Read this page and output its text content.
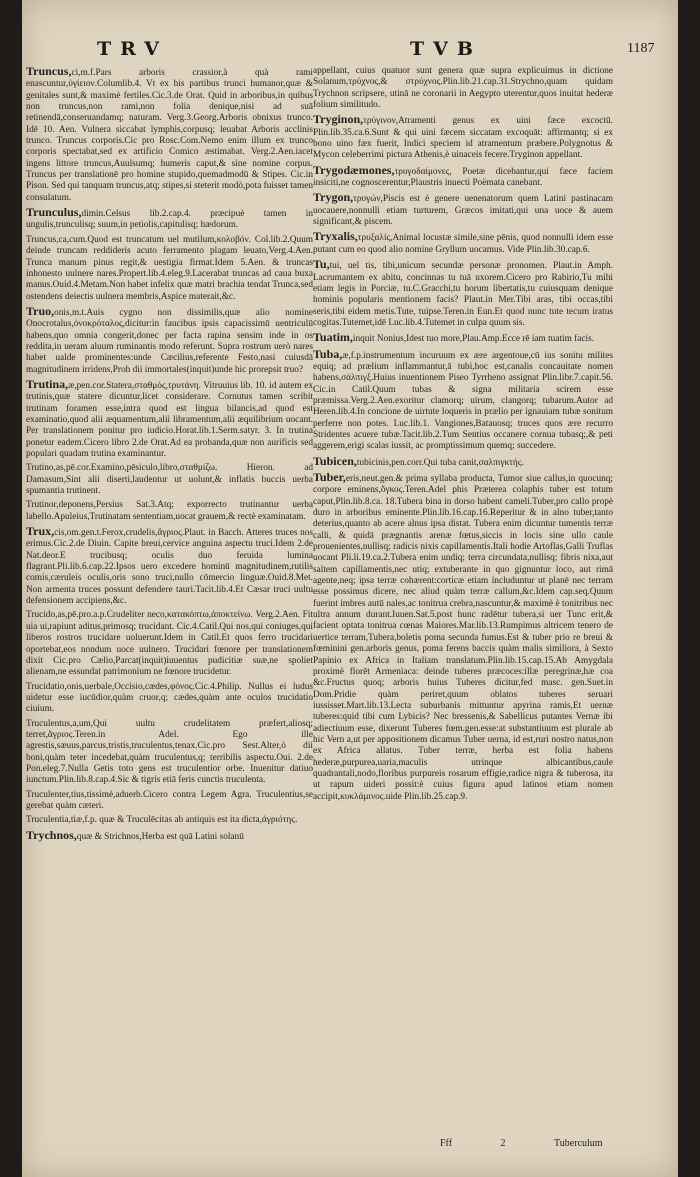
TRV	TVB	1187

Truncus,ci,m.f.Pars arboris crassior,à quà rami enascuntur,ὑγίειον.Columlib.4. Vt ex his partibus trunci humanor,quæ & genitales sunt,& maximè fertiles.Cic.3.de Orat. Quid in arboribus,in quibus non truncus,non rami,non folia denique,nisi ad suā retinendā,conseruandamq; naturam. Verg.3.Georg.Arboris obnixus trunco. Idē 10. Aen. Vulnera siccabat lymphis,corpusq; leuabat Arboris acclinis trunco. Truncus corporis.Cic pro Rosc.Com.Nemo enim illum ex trunco corporis spectabat,sed ex artificio Comico æstimabat. Verg.2.Aen.iacet ingens littore truncus,Auulsumq; humeris caput,& sine nomine corpus. Truncus per translationē pro homine stupido,quemadmodū & Stipes. Cic.in Pison. Sed qui tanquam truncus,atq; stipes,si steterit modò,pota fuisset tamen consulatum.

Trunculus,dimin.Celsus lib.2.cap.4. præcipuè tamen in ungulis,trunculisq; suum,in petiolis,capitulisq; hædorum.

Truncus,ca,cum.Quod est truncatum uel mutilum,κολοβόν. Col.lib.2.Quum deinde truncam reddideris acuto ferramento plagam leuato,Verg.4.Aen. Trunca manum pinus regit,& uestigia firmat.Idem 5.Aen. & truncas inhonesto uulnere nares.Propert.lib.4.eleg.9.Lacerabat truncas ad caua buxa manus.Ouid.4.Metam.Non habet infelix quæ matri brachia tendat Trunca,sed ostendens deiectis uulnera membris,Aspice materait,&c.

Truo,onis,m.t.Auis cygno non dissimilis,quæ alio nomine Onocrotalus,ὀνοκρόταλος,dicitur:in faucibus ipsis capacissimū uentriculū habens,quo omnia congerit,donec per facta rapina sensim inde in os reddita,in ueram aluum ruminantis modo referunt. Supra rostrum uerò nares habet ualde prominentes:unde Cæcilius,referente Festo,nasi cuiusdā magnitudinem irridens,Proh dii immortales(inquit)unde hic prorepsit truo?

Trutina,æ,pen.cor.Statera,σταθμὸς,τρυτάνη. Vitruuius lib. 10. id autem ex trutinis,quæ statere dicuntur,licet considerare. Cornutus tamen scribit trutinam foramen esse,intra quod est lingua bilancis,ad quod est examinatio,quod alii æquamentum,alii libramentum,alii æquilibrium uocant. Per translationem ponitur pro iudicio.Horat.lib.1.Serm.satyr. 3. In trutina ponetur eadem.Cicero libro 2.de Orat.Ad ea probanda,quæ non aurificis sed populari quadam trutina examinantur.

Trutino,as,pē.cor.Examino,pēsiculo,libro,σταθμίζω. Hieron. ad Damasum,Sint alii diserti,laudentur ut uolunt,& inflatis buccis uerba spumantia trutinent.

Trutinor,deponens,Persius Sat.3.Atq; exporrecto trutinantur uerba labello.Apuleius,Trutinatam sententiam,uocat grauem,& rectè examinatam.

Trux,cis,om.gen.t.Ferox,crudelis,ἄγριος.Plaut. in Bacch. Atteres truces nos erimus.Cic.2.de Diuin. Capite breui,cervice anguina aspectu truci.Idem 2.de Nat.deor.E trucibusq; oculis duo feruida lumina flagrant.Pli.lib.6.cap.22.Ipsos uero excedere hominū magnitudinem,rutilis comis,cæruleis oculis,oris sono truci,nullo cōmercio linguæ.Ouid.8.Met. Non armenta truces possunt defendere tauri.Tacit.lib.4.Et Cæsar truci uultu defensionem accipiens,&c.

Trucido,as,pē.pro.a.p.Crudeliter neco,κατακόπτω,ἀποκτείνω. Verg.2.Aen. Fit uia ui,rapiunt aditus,primosq; trucidant. Cic.4.Catil.Qui nos,qui coniuges,qui liberos rostros trucidare uoluerunt.Idem in Catil.Et quos ferro trucidari oportebat,eos nondum uoce uulnero. Trucidari fœnore per translationem dixit Cic.pro Cælio,Parcat(inquit)iuuentus pudicitiæ suæ,ne spoliet alienam,ne essundat patrimonium ne fœnore trucidetur.

Trucidatio,onis,uerbale,Occisio,cædes,φόνος.Cic.4.Philip. Nullus ei ludus uidetur esse iucūdior,quàm cruor,q; cædes,quàm ante oculos trucidatio ciuium.

Truculentus,a,um,Qui uultu crudelitatem præfert,aliosq; terret,ἄγριος.Teren.in Adel. Ego ille agrestis,sæuus,parcus,tristis,truculentus,tenax.Cic.pro Sest.Alter,ò dii boni,quàm teter incedebat,quàm truculentus,q; terribilis aspectu.Oui. 2.de Pon.eleg.7.Nulla Getis toto gens est truculentior orbe. Inuenitur datiuo iunctum.Plin.lib.8.cap.4.Sic & tigris etiā feris cunctis truculenta.

Truculenter,tius,tissimè,aduerb.Cicero contra Legem Agra. Truculentius,se gerebat quàm cæteri.

Truculentia,tiæ,f.p. quæ & Truculēcitas ab antiquis est ita dicta,ἀγριότης.

Trychnos,quæ & Strichnos,Herba est quā Latini solanū

appellant, cuius quatuor sunt genera quæ supra explicuimus in dictione Solanum,τρύχνος,& στρύχνος.Plin.lib.21.cap.31.Strychno,quam quidam Trychnon scripsere, utinā ne coronarii in Aegypto uterentur,quos inuitat hederæ folium similitudo.

Tryginon,τρύγινον,Atramenti genus ex uini fæce excoctū. Plin.lib.35.ca.6.Sunt & qui uini fæcem siccatam excoquāt: affirmantq; si ex bono uino fæx fuerit, Indici speciem id atramentum præbere.Polygnotus & Mycon celeberrimi pictura Athenis,è uinaceis fecere.Tryginon appellant.

Trygodæmones,τρυγοδαίμονες, Poetæ dicebantur,qui fæce faciem insiciti,ne cognoscerentur,Plaustris inuecti Poëmata canebant.

Trygon,τρυγών,Piscis est è genere uenenatorum quem Latini pastinacam uocauere,nonnulli etiam turturem, Græcos imitati,qui una uoce & auem significant,& piscem.

Tryxalis,τρυξαλίς,Animal locustæ simile,sine pēnis, quod nonnulli idem esse putant cum eo quod alio nomine Gryllum uocamus. Vide Plin.lib.30.cap.6.

Tu,tui, uel tis, tibi,unicum secundæ personæ pronomen. Plaut.in Amph. Lacrumantem ex abitu, concinnas tu tuā uxorem.Cicero pro Rabirio,Tu mihi etiam legis in Porciæ, tu.C.Gracchi,tu horum libertatis,tu cuiusquam denique hominis popularis mentionem facis? Plaut.in Mer.Tibi aras, tibi occas,tibi seris,tibi eidem metis.Tute, tuipse.Teren.in Eun.Et quod nunc tute tecum iratus cogitas.Tutemet,idē Luc.lib.4.Tutemet in culpa quum sis.

Tuatim,inquit Nonius,Idest tuo more,Plau.Amp.Ecce rē iam tuatim facis.

Tuba,æ,f.p.instrumentum incuruum ex ære argentoue,cū ius sonitu milites equiq; ad prælium inflammantur,ā tubi,hoc est,canalis concauitate nomen habens,σάλπιγξ.Huius inuentionem Piseo Tyrrheno assignat Plin.libr.7.capit.56. Cic.in Catil.Quum tubas & signa militaria scirem esse præmissa.Verg.2.Aen.exoritur clamorq; uirum, clangorq; tubarum.Autor ad Heren.lib.4.In concione de uirtute loqueris in prælio per ignauiam tubæ sonitum perferre non potes. Luc.lib.1. Vangiones,Batauosq; truces quos ære recurro Stridentes acuere tubæ.Tacit.lib.2.Tum Sentius occanere cornua tubasq;,& peti aggerem,erigi scalas iussit, ac promptissimum quemq; succedere.

Tubicen,tubicinis,pen.corr.Qui tuba canit,σαλπιγκτής.

Tuber,eris,neut.gen.& prima syllaba producta, Tumor siue callus,in quocunq; corpore eminens,ὄγκος.Teren.Adel phis Præterea colaphis tuber est totum caput,Plin.lib.8.ca. 18.Tubera bina in dorso habent cameli.Tuber,pro callo propè duro in arboribus eminente.Plin.lib.16.cap.16.Reperitur & in alno tuber,tanto deterius,quanto ab acere alnus ipsa distat. Tubera enim dicuntur tumentis terræ calli, & quidā prægnantis arenæ fœtus,siccis in locis sine ullo caule prouenientes,nullisq; radicis nixis capillamentis.Itali hodie Artoflas,Galli Truflas uocant Pli.li.19.ca.2.Tubera enim undiq; terra circundata,nullisq; fibris nixa,aut saltem capillamentis,nec utiq; extuberante in quo gignuntur loco, aut rimā agente,neq; ipsa terræ cohærent:corticæ etiam includuntur ut planē nec terram esse possimus dicere, nec aliud quàm terræ callum,&c.Idem cap.seq.Quum fuerint imbres autū nales,ac tonitrua crebra,nascuntur,& maximè è tonitribus nec ultra annum durant.Iuuen.Sat.5.post hunc radētur tubera,si uer Tunc erit,& facient optata tonitrua cœnas Maiores.Mar.lib.13.Rumpimus altricem tenero de uertice terram,Tubera,boletis poma secunda fumus.Est & tuber prio re breui & fœminini gen.arboris genus, poma ferens baccis quàm malis similiora, à Sexto Papinio ex Africa in Italiam translatum.Plin.lib.15.cap.15.Ab Amygdala proximè florēt Armeniaca: deinde tuberes præcoces:illæ peregrinæ,hæ coa &c.Fructus quoq; arboris huius Tuberes dicitur,fed masc. gen.Suet.in Dom.Pridie quàm periret,quum oblatos tuberes seruari iussisset.Mart.lib.13.Lecta suburbanis mittuntur apyrina ramis,Et uernæ tuberes:quid tibi cum Lybicis? Nec bressenis,& Sabellicus putantes Vernæ ibi adiectiuum esse, dixerunt Tuberes fœm.gen.esse:at substantiuum est plurale ab hic Vern a,ut per appositionem dicamus Tuber uerna, id est,ruri nostro natus,non ex Africa allatus. Tuber terræ, herba est folia habens hederæ,purpurea,uaria,maculis utrinque albicantibus,caule quadrantali,nodo,floribus purpureis rosarum effigie,radice nigra & tuberosa, ita ut rapum uideri possit:è cuius figura apud latinos etiam nomen accipit,κυκλάμινος.uide Plin.lib.25.cap.9.

Fff	2	Tuberculum
